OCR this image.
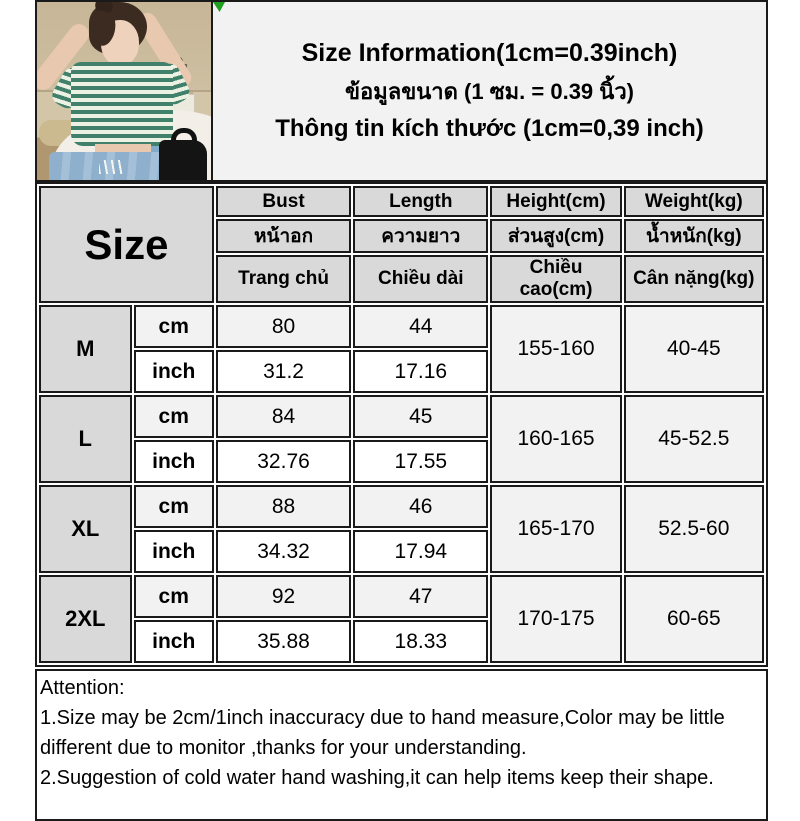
Size Information(1cm=0.39inch)
ข้อมูลขนาด (1 ซม. = 0.39 นิ้ว)
Thông tin kích thước (1cm=0,39 inch)
Size		Bust	Length	Height(cm)	Weight(kg)
		หน้าอก	ความยาว	ส่วนสูง(cm)	น้ำหนัก(kg)
		Trang chủ	Chiều dài	Chiều cao(cm)	Cân nặng(kg)
M	cm	80	44	155-160	40-45
	inch	31.2	17.16		
L	cm	84	45	160-165	45-52.5
	inch	32.76	17.55		
XL	cm	88	46	165-170	52.5-60
	inch	34.32	17.94		
2XL	cm	92	47	170-175	60-65
	inch	35.88	18.33		
Attention:
1.Size may be 2cm/1inch inaccuracy due to hand measure,Color may be little different due to monitor ,thanks for your understanding.
2.Suggestion of cold water hand washing,it can help items keep their shape.
